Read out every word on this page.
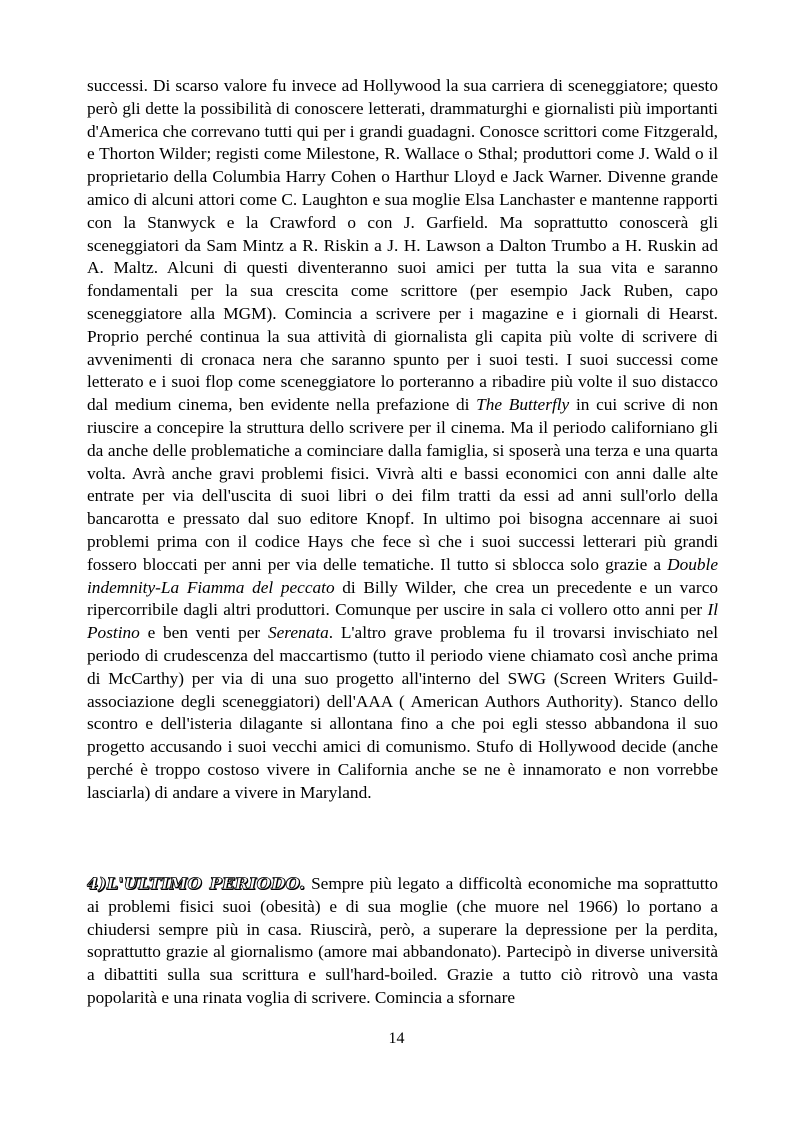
successi. Di scarso valore fu invece ad Hollywood la sua carriera di sceneggiatore; questo però gli dette la possibilità di conoscere letterati, drammaturghi e giornalisti più importanti d'America che correvano tutti qui per i grandi guadagni. Conosce scrittori come Fitzgerald, e Thorton Wilder; registi come Milestone, R. Wallace o Sthal; produttori come J. Wald o il proprietario della Columbia Harry Cohen o Harthur Lloyd e Jack Warner. Divenne grande amico di alcuni attori come C. Laughton e sua moglie Elsa Lanchaster e mantenne rapporti con la Stanwyck e la Crawford o con J. Garfield. Ma soprattutto conoscerà gli sceneggiatori da Sam Mintz a R. Riskin a J. H. Lawson a Dalton Trumbo a H. Ruskin ad A. Maltz. Alcuni di questi diventeranno suoi amici per tutta la sua vita e saranno fondamentali per la sua crescita come scrittore (per esempio Jack Ruben, capo sceneggiatore alla MGM). Comincia a scrivere per i magazine e i giornali di Hearst. Proprio perché continua la sua attività di giornalista gli capita più volte di scrivere di avvenimenti di cronaca nera che saranno spunto per i suoi testi. I suoi successi come letterato e i suoi flop come sceneggiatore lo porteranno a ribadire più volte il suo distacco dal medium cinema, ben evidente nella prefazione di The Butterfly in cui scrive di non riuscire a concepire la struttura dello scrivere per il cinema. Ma il periodo californiano gli da anche delle problematiche a cominciare dalla famiglia, si sposerà una terza e una quarta volta. Avrà anche gravi problemi fisici. Vivrà alti e bassi economici con anni dalle alte entrate per via dell'uscita di suoi libri o dei film tratti da essi ad anni sull'orlo della bancarotta e pressato dal suo editore Knopf. In ultimo poi bisogna accennare ai suoi problemi prima con il codice Hays che fece sì che i suoi successi letterari più grandi fossero bloccati per anni per via delle tematiche. Il tutto si sblocca solo grazie a Double indemnity-La Fiamma del peccato di Billy Wilder, che crea un precedente e un varco ripercorribile dagli altri produttori. Comunque per uscire in sala ci vollero otto anni per Il Postino e ben venti per Serenata. L'altro grave problema fu il trovarsi invischiato nel periodo di crudescenza del maccartismo (tutto il periodo viene chiamato così anche prima di McCarthy) per via di una suo progetto all'interno del SWG (Screen Writers Guild- associazione degli sceneggiatori) dell'AAA ( American Authors Authority). Stanco dello scontro e dell'isteria dilagante si allontana fino a che poi egli stesso abbandona il suo progetto accusando i suoi vecchi amici di comunismo. Stufo di Hollywood decide (anche perché è troppo costoso vivere in California anche se ne è innamorato e non vorrebbe lasciarla) di andare a vivere in Maryland.

4)L'ULTIMO PERIODO. Sempre più legato a difficoltà economiche ma soprattutto ai problemi fisici suoi (obesità) e di sua moglie (che muore nel 1966) lo portano a chiudersi sempre più in casa. Riuscirà, però, a superare la depressione per la perdita, soprattutto grazie al giornalismo (amore mai abbandonato). Partecipò in diverse università a dibattiti sulla sua scrittura e sull'hard-boiled. Grazie a tutto ciò ritrovò una vasta popolarità e una rinata voglia di scrivere. Comincia a sfornare

14
